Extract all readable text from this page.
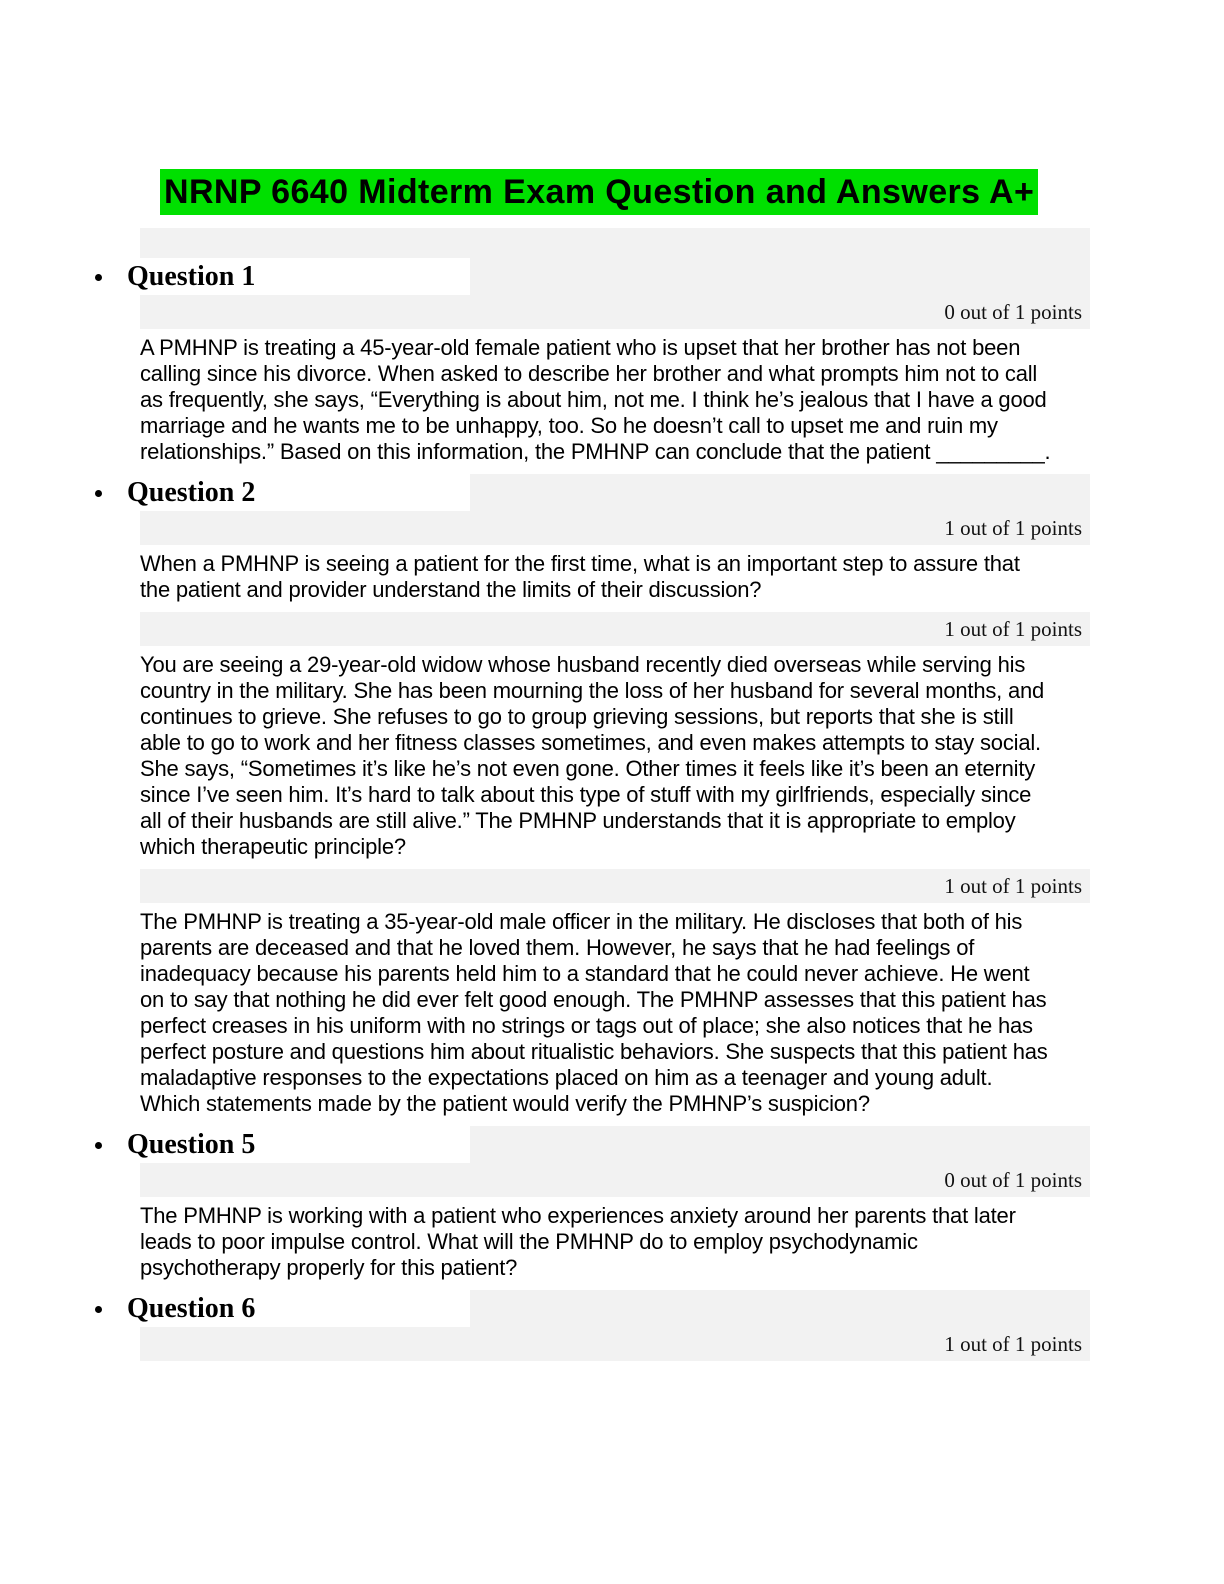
NRNP 6640 Midterm Exam Question and Answers A+
Question 1
0 out of 1 points

A PMHNP is treating a 45-year-old female patient who is upset that her brother has not been calling since his divorce. When asked to describe her brother and what prompts him not to call as frequently, she says, “Everything is about him, not me. I think he’s jealous that I have a good marriage and he wants me to be unhappy, too. So he doesn’t call to upset me and ruin my relationships.” Based on this information, the PMHNP can conclude that the patient _________.

Question 2
1 out of 1 points

When a PMHNP is seeing a patient for the first time, what is an important step to assure that the patient and provider understand the limits of their discussion?

1 out of 1 points

You are seeing a 29-year-old widow whose husband recently died overseas while serving his country in the military. She has been mourning the loss of her husband for several months, and continues to grieve. She refuses to go to group grieving sessions, but reports that she is still able to go to work and her fitness classes sometimes, and even makes attempts to stay social. She says, “Sometimes it’s like he’s not even gone. Other times it feels like it’s been an eternity since I’ve seen him. It’s hard to talk about this type of stuff with my girlfriends, especially since all of their husbands are still alive.” The PMHNP understands that it is appropriate to employ which therapeutic principle?

1 out of 1 points

The PMHNP is treating a 35-year-old male officer in the military. He discloses that both of his parents are deceased and that he loved them. However, he says that he had feelings of inadequacy because his parents held him to a standard that he could never achieve. He went on to say that nothing he did ever felt good enough. The PMHNP assesses that this patient has perfect creases in his uniform with no strings or tags out of place; she also notices that he has perfect posture and questions him about ritualistic behaviors. She suspects that this patient has maladaptive responses to the expectations placed on him as a teenager and young adult. Which statements made by the patient would verify the PMHNP’s suspicion?

Question 5
0 out of 1 points

The PMHNP is working with a patient who experiences anxiety around her parents that later leads to poor impulse control. What will the PMHNP do to employ psychodynamic psychotherapy properly for this patient?

Question 6
1 out of 1 points
